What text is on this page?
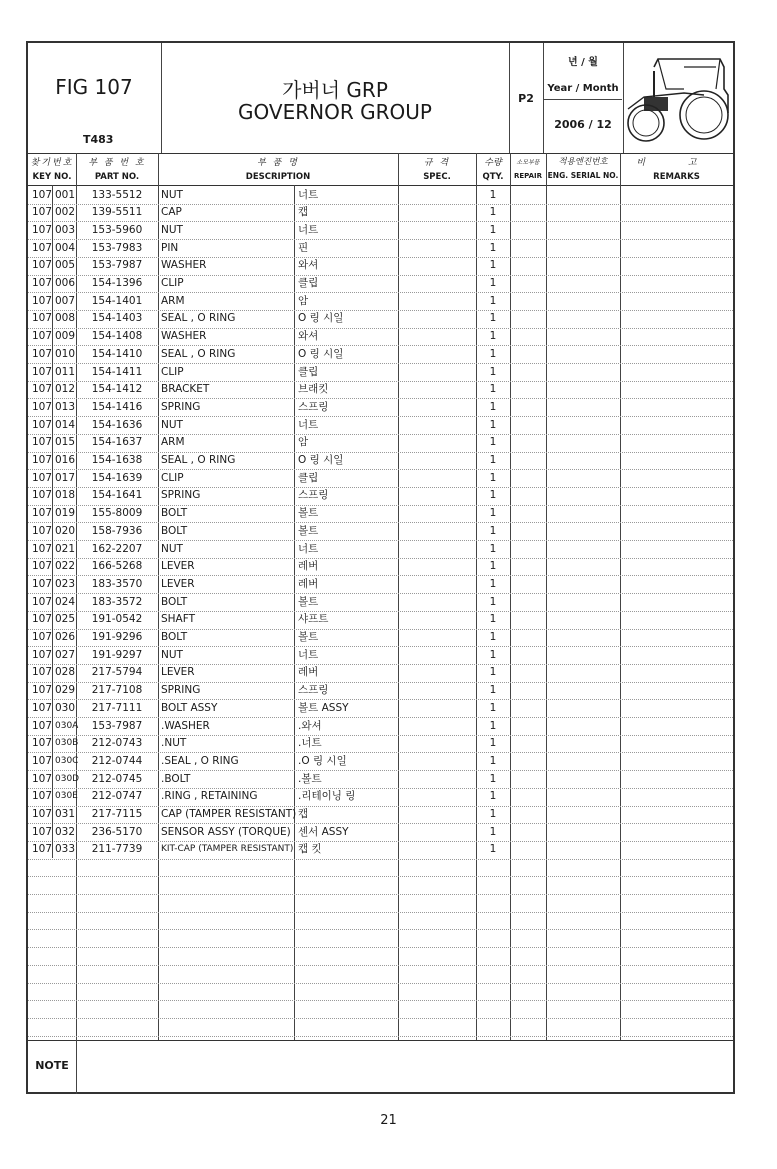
FIG 107
T483
가버너 GRP
GOVERNOR GROUP
P2
년 / 월
Year / Month
2006 / 12
찾기번호
KEY NO.
부 품 번 호
PART NO.
부 품 명
DESCRIPTION
규 격
SPEC.
수량
QTY.
소모부품
REPAIR
적용엔진번호
ENG. SERIAL NO.
비 고
REMARKS
107 001	133-5512	NUT	너트	1
107 002	139-5511	CAP	캡	1
107 003	153-5960	NUT	너트	1
107 004	153-7983	PIN	핀	1
107 005	153-7987	WASHER	와셔	1
107 006	154-1396	CLIP	클립	1
107 007	154-1401	ARM	암	1
107 008	154-1403	SEAL , O RING	O 링 시일	1
107 009	154-1408	WASHER	와셔	1
107 010	154-1410	SEAL , O RING	O 링 시일	1
107 011	154-1411	CLIP	클립	1
107 012	154-1412	BRACKET	브래킷	1
107 013	154-1416	SPRING	스프링	1
107 014	154-1636	NUT	너트	1
107 015	154-1637	ARM	암	1
107 016	154-1638	SEAL , O RING	O 링 시일	1
107 017	154-1639	CLIP	클립	1
107 018	154-1641	SPRING	스프링	1
107 019	155-8009	BOLT	볼트	1
107 020	158-7936	BOLT	볼트	1
107 021	162-2207	NUT	너트	1
107 022	166-5268	LEVER	레버	1
107 023	183-3570	LEVER	레버	1
107 024	183-3572	BOLT	볼트	1
107 025	191-0542	SHAFT	샤프트	1
107 026	191-9296	BOLT	볼트	1
107 027	191-9297	NUT	너트	1
107 028	217-5794	LEVER	레버	1
107 029	217-7108	SPRING	스프링	1
107 030	217-7111	BOLT ASSY	볼트 ASSY	1
107 030A	153-7987	.WASHER	.와셔	1
107 030B	212-0743	.NUT	.너트	1
107 030C	212-0744	.SEAL , O RING	.O 링 시일	1
107 030D	212-0745	.BOLT	.볼트	1
107 030E	212-0747	.RING , RETAINING	.리테이닝 링	1
107 031	217-7115	CAP (TAMPER RESISTANT) 캡	1
107 032	236-5170	SENSOR ASSY (TORQUE) 센서 ASSY	1
107 033	211-7739	KIT-CAP (TAMPER RESISTANT) 캡 킷	1
NOTE
21
